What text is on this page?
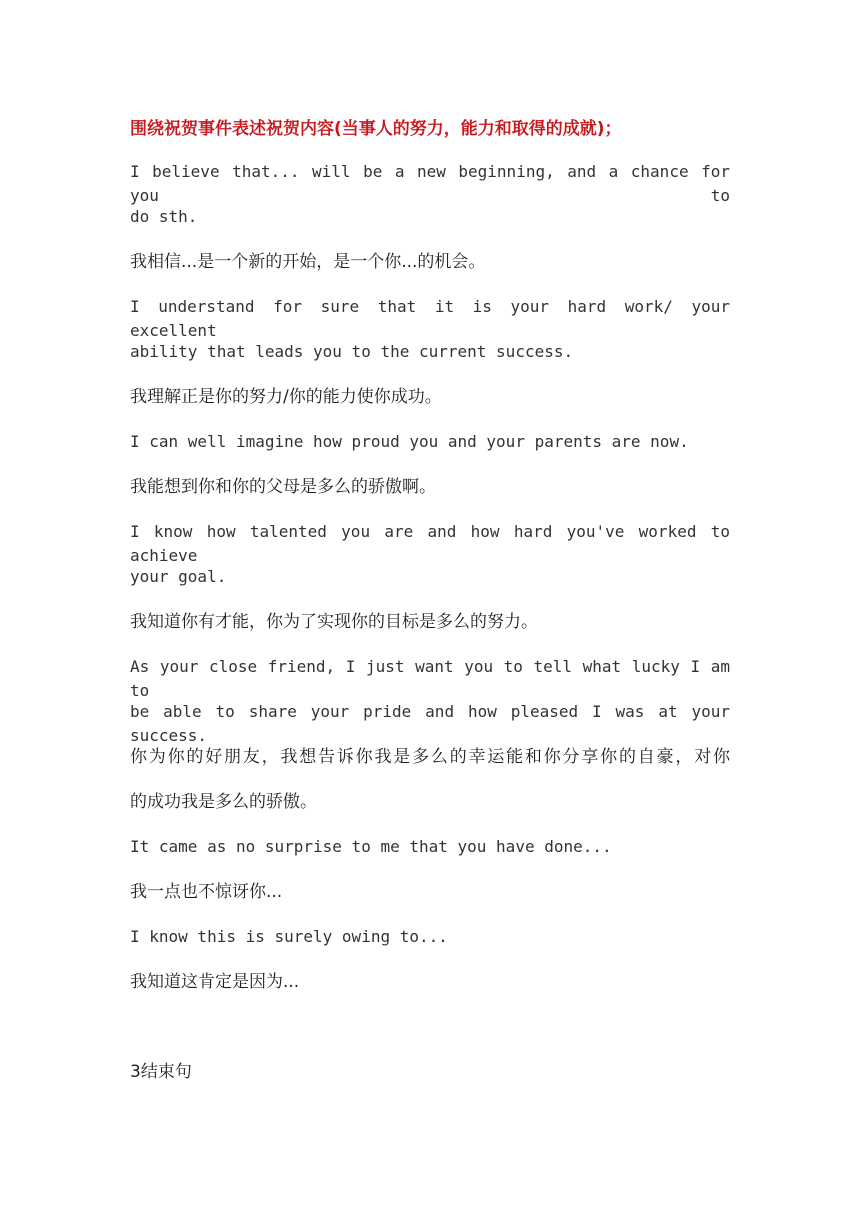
围绕祝贺事件表述祝贺内容(当事人的努力，能力和取得的成就)；
I believe that... will be a new beginning, and a chance for you to
do sth.
我相信...是一个新的开始，是一个你...的机会。
I understand for sure that it is your hard work/ your excellent
ability that leads you to the current success.
我理解正是你的努力/你的能力使你成功。
I can well imagine how proud you and your parents are now.
我能想到你和你的父母是多么的骄傲啊。
I know how talented you are and how hard you've worked to achieve
your goal.
我知道你有才能，你为了实现你的目标是多么的努力。
As your close friend, I just want you to tell what lucky I am to
be able to share your pride and how pleased I was at your success.
你为你的好朋友，我想告诉你我是多么的幸运能和你分享你的自豪，对你
的成功我是多么的骄傲。
It came as no surprise to me that you have done...
我一点也不惊讶你...
I know this is surely owing to...
我知道这肯定是因为...
3结束句
